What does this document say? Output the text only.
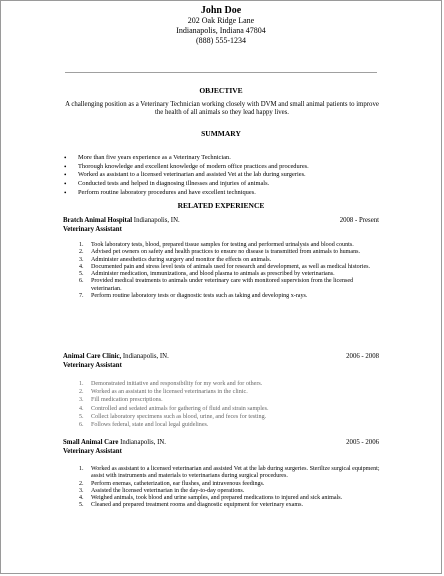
John Doe
202 Oak Ridge Lane
Indianapolis, Indiana 47804
(888) 555-1234
OBJECTIVE
A challenging position as a Veterinary Technician working closely with DVM and small animal patients to improve the health of all animals so they lead happy lives.
SUMMARY
• More than five years experience as a Veterinary Technician.
• Thorough knowledge and excellent knowledge of modern office practices and procedures.
• Worked as assistant to a licensed veterinarian and assisted Vet at the lab during surgeries.
• Conducted tests and helped in diagnosing illnesses and injuries of animals.
• Perform routine laboratory procedures and have excellent techniques.
RELATED EXPERIENCE
Bratch Animal Hospital Indianapolis, IN.	2008 - Present
Veterinary Assistant
1. Took laboratory tests, blood, prepared tissue samples for testing and performed urinalysis and blood counts.
2. Advised pet owners on safety and health practices to ensure no disease is transmitted from animals to humans.
3. Administer anesthetics during surgery and monitor the effects on animals.
4. Documented pain and stress level tests of animals used for research and development, as well as medical histories.
5. Administer medication, immunizations, and blood plasma to animals as prescribed by veterinarians.
6. Provided medical treatments to animals under veterinary care with monitored supervision from the licensed veterinarian.
7. Perform routine laboratory tests or diagnostic tests such as taking and developing x-rays.
Animal Care Clinic, Indianapolis, IN.	2006 - 2008
Veterinary Assistant
1. Demonstrated initiative and responsibility for my work and for others.
2. Worked as an assistant to the licensed veterinarians in the clinic.
3. Fill medication prescriptions.
4. Controlled and sedated animals for gathering of fluid and strain samples.
5. Collect laboratory specimens such as blood, urine, and feces for testing.
6. Follows federal, state and local legal guidelines.
Small Animal Care Indianapolis, IN.	2005 - 2006
Veterinary Assistant
1. Worked as assistant to a licensed veterinarian and assisted Vet at the lab during surgeries. Sterilize surgical equipment; assist with instruments and materials to veterinarians during surgical procedures.
2. Perform enemas, catheterization, ear flushes, and intravenous feedings.
3. Assisted the licensed veterinarian in the day-to-day operations.
4. Weighed animals, took blood and urine samples, and prepared medications to injured and sick animals.
5. Cleaned and prepared treatment rooms and diagnostic equipment for veterinary exams.
